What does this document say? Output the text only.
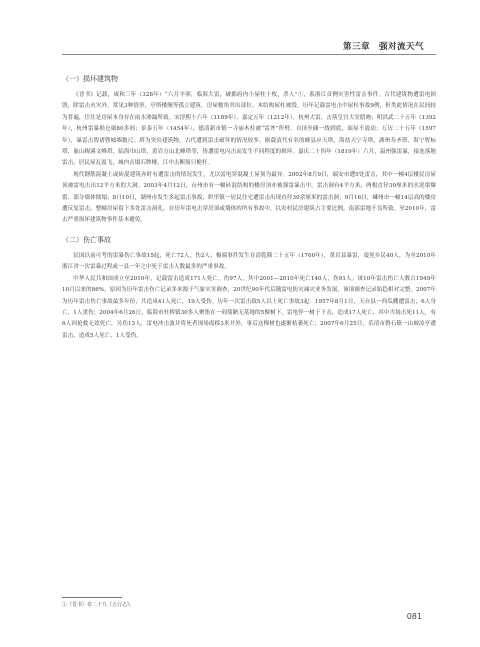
第三章　强对流天气
（一）损坏建筑物

《晋书》记载，咸和三年（328年）“六月辛卯，临海大雷，破郡府内小屋柱十枚，杀人”①，系浙江首例灾害性雷击事件。古代建筑物遭雷电损毁，除雷击火灾外，常见3种情形，亭塔楼阁等孤立建筑、房屋檐角突出部位、木结构屋柱被毁。历年记载雷电击中屋柱事故9例，但类此情况在民间较为普遍，往往是房屋本身存在雨水渗漏所致。宋淳熙十六年（1189年）、嘉定五年（1212年），杭州大雷，击落皇宫大室鸱吻；明洪武二十五年（1392年），杭州雷暴损仓廒80多间；景泰五年（1454年），德清新市镇一寺庙木柱被“雷斧”所劈，自顶至磉一线到底，面屋不震动；万历二十五年（1597年），暴雷击毁诸暨城墙数尺。塔为突出建筑物，古代遭到雷击破坏的情况较多，据载清代有名的蜂县应天塔、海盐天宁寺塔、湖州寿圣塔、海宁智标塔、象山梅溪文峰塔、临海巾山塔、黄岩方山北峰塔等，皆遭雷电闪击而发生不同程度的损坏。嘉庆二十四年（1819年）六月，温州强雷暴，接连落地雷击，居民屋瓦震飞，城内击塌石牌楼，江中击断船只桅杆。

现代钢筋混凝土或砖混建筑亦时有遭雷击的情况发生，尤以雷电穿混凝土屋顶为最异。2002年8月9日，瑞安市遭5处雷击，其中一幢4层楼民房屋顶被雷电击出12平方米的大洞。2003年4月12日，台州市有一幢砖混结构的楼房顶亦被强雷暴击中，雷击洞有4平方米，两根直径30厘米的水泥梁爆裂，部分墙体倒塌；8月10日，湖州市发生多起雷击事故，织里镇一居民住宅遭雷击出现直径30余厘米的雷击洞；9月16日，嵊州市一幢14层高的楼房遭反复雷击，整幢房屋留下多处雷击洞孔。在历年雷电击穿房顶或墙体的所有事故中，以农村民房建筑占主要比例，南部雷地不良所致。至2010年，雷击严重损坏建筑物事件基本避免。

（二）伤亡事故

民国以前可考的雷暴伤亡事故15起，死亡72人，伤2人；极端事件发生在清乾隆二十五年（1760年），黄岩县暴雷，震死乡民40人，为至2010年浙江省一次雷暴过程或一县一年之中死于雷击人数最多的严重事故。

中华人民共和国成立至2010年，记载雷击造成171人死亡，伤97人，其中2001—2010年死亡140人，伤91人。该10年雷击伤亡人数占1949年10月以来的86%，原因为历年雷击伤亡记录多来源于气象灾害调查，20世纪90年代后随雷电防灾减灾业务发展，该项调查记录始趋相对完整。2007年为历年雷击伤亡事故最多年份，共造成41人死亡，19人受伤。历年一次雷击致5人以上死亡事故3起：1957年8月1日，天台县一西瓜棚遭雷击，6人身亡，1人重伤；2004年6月26日，临海市杜桥镇30多人聚集在一间简陋无基地的5棵树下，雷电猝一树于下击，造成17人死亡，其中当场击死11人，有6人因抢救无效死亡，另伤13人，雷电冲击波并将死者现场震移3米开外，事后这棵树也遂渐枯萎死亡；2007年6月25日，乐清市磐石镇一山坡凉亭遭雷击，造成5人死亡，1人受伤。

①《晋书》卷二十九《五行志》。
081
